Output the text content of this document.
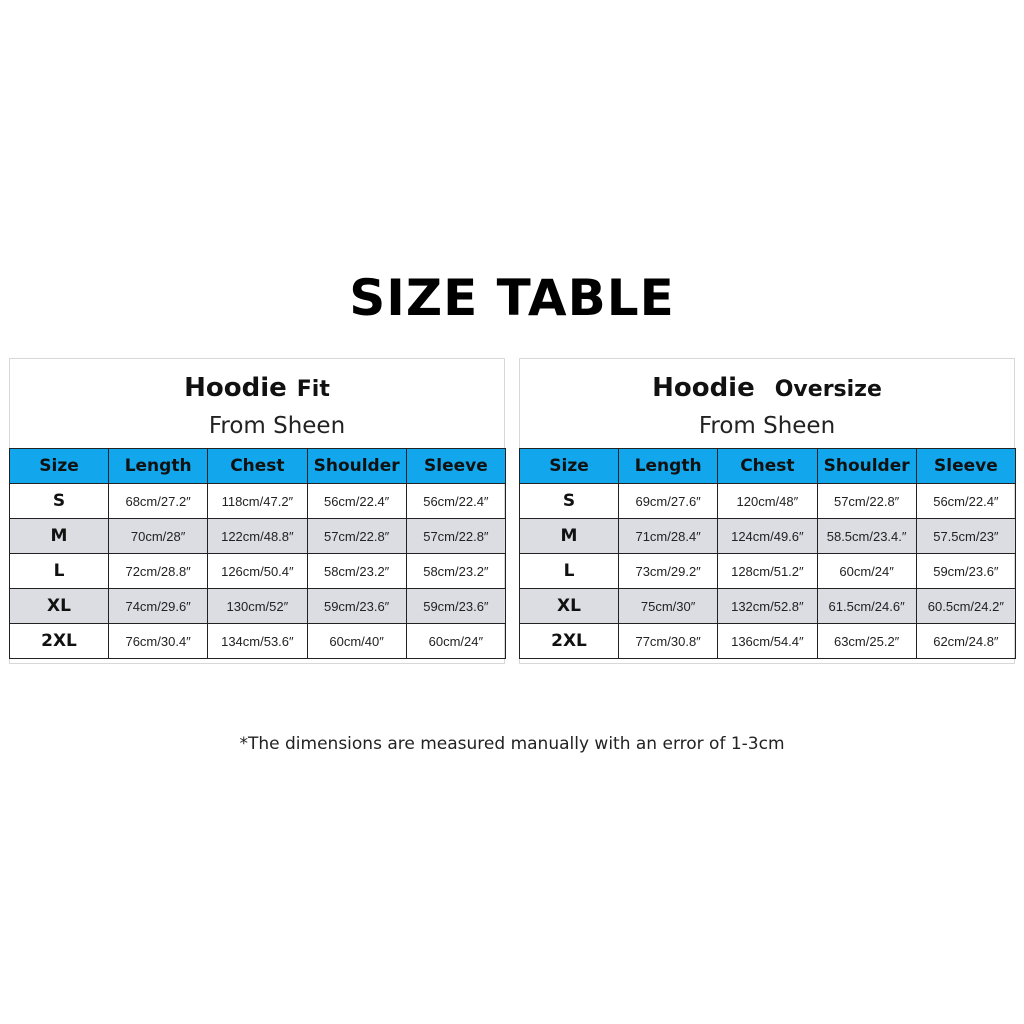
SIZE TABLE
Hoodie Fit
From Sheen
Size	Length	Chest	Shoulder	Sleeve
S	68cm/27.2″	118cm/47.2″	56cm/22.4″	56cm/22.4″
M	70cm/28″	122cm/48.8″	57cm/22.8″	57cm/22.8″
L	72cm/28.8″	126cm/50.4″	58cm/23.2″	58cm/23.2″
XL	74cm/29.6″	130cm/52″	59cm/23.6″	59cm/23.6″
2XL	76cm/30.4″	134cm/53.6″	60cm/40″	60cm/24″
Hoodie Oversize
From Sheen
Size	Length	Chest	Shoulder	Sleeve
S	69cm/27.6″	120cm/48″	57cm/22.8″	56cm/22.4″
M	71cm/28.4″	124cm/49.6″	58.5cm/23.4.″	57.5cm/23″
L	73cm/29.2″	128cm/51.2″	60cm/24″	59cm/23.6″
XL	75cm/30″	132cm/52.8″	61.5cm/24.6″	60.5cm/24.2″
2XL	77cm/30.8″	136cm/54.4″	63cm/25.2″	62cm/24.8″
*The dimensions are measured manually with an error of 1-3cm
